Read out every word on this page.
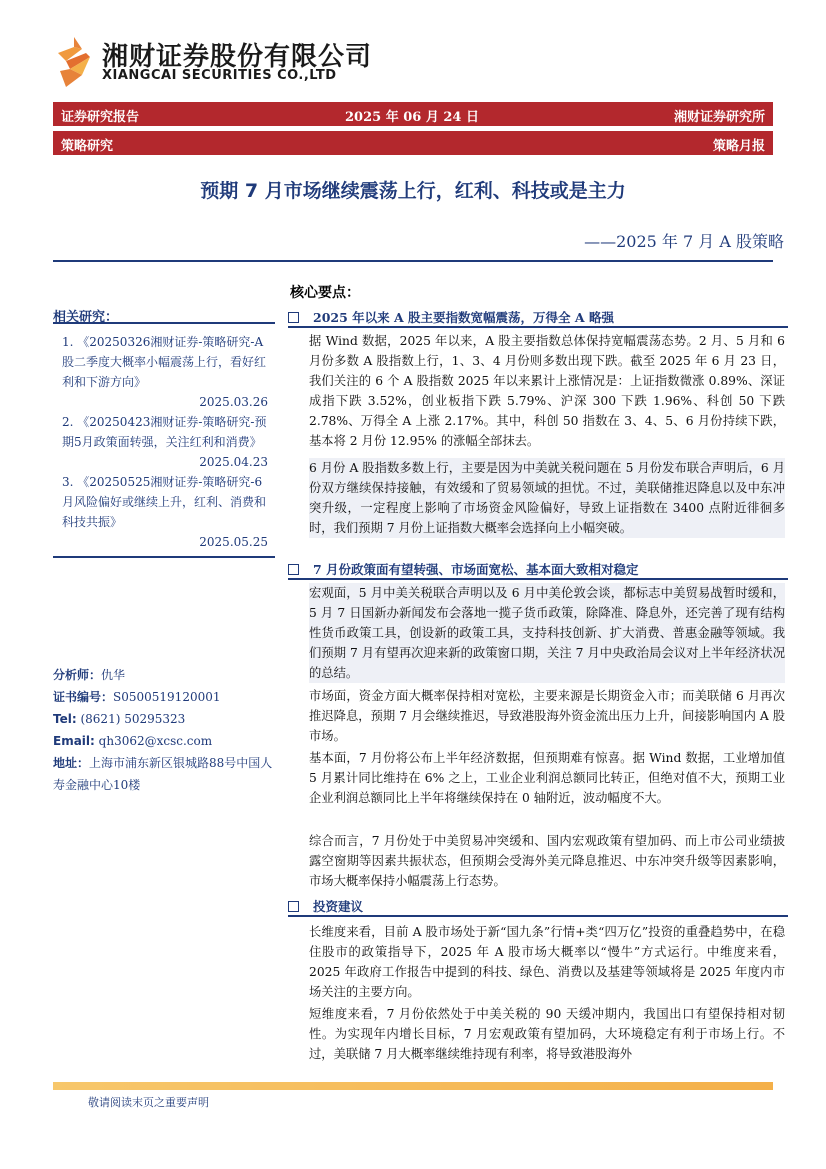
湘财证券股份有限公司
XIANGCAI SECURITIES CO.,LTD
证券研究报告	2025 年 06 月 24 日	湘财证券研究所
策略研究	策略月报
预期 7 月市场继续震荡上行，红利、科技或是主力
——2025 年 7 月 A 股策略
相关研究：
1. 《20250326湘财证券-策略研究-A股二季度大概率小幅震荡上行，看好红利和下游方向》
2025.03.26
2. 《20250423湘财证券-策略研究-预期5月政策面转强，关注红利和消费》
2025.04.23
3. 《20250525湘财证券-策略研究-6月风险偏好或继续上升，红利、消费和科技共振》
2025.05.25
分析师：仇华
证书编号：S0500519120001
Tel: (8621) 50295323
Email: qh3062@xcsc.com
地址：上海市浦东新区银城路88号中国人寿金融中心10楼
核心要点：
2025 年以来 A 股主要指数宽幅震荡，万得全 A 略强
据 Wind 数据，2025 年以来，A 股主要指数总体保持宽幅震荡态势。2 月、5 月和 6 月份多数 A 股指数上行，1、3、4 月份则多数出现下跌。截至 2025 年 6 月 23 日，我们关注的 6 个 A 股指数 2025 年以来累计上涨情况是：上证指数微涨 0.89%、深证成指下跌 3.52%，创业板指下跌 5.79%、沪深 300 下跌 1.96%、科创 50 下跌 2.78%、万得全 A 上涨 2.17%。其中，科创 50 指数在 3、4、5、6 月份持续下跌，基本将 2 月份 12.95% 的涨幅全部抹去。
6 月份 A 股指数多数上行，主要是因为中美就关税问题在 5 月份发布联合声明后，6 月份双方继续保持接触，有效缓和了贸易领域的担忧。不过，美联储推迟降息以及中东冲突升级，一定程度上影响了市场资金风险偏好，导致上证指数在 3400 点附近徘徊多时，我们预期 7 月份上证指数大概率会选择向上小幅突破。
7 月份政策面有望转强、市场面宽松、基本面大致相对稳定
宏观面，5 月中美关税联合声明以及 6 月中美伦敦会谈，都标志中美贸易战暂时缓和，5 月 7 日国新办新闻发布会落地一揽子货币政策，除降准、降息外，还完善了现有结构性货币政策工具，创设新的政策工具，支持科技创新、扩大消费、普惠金融等领域。我们预期 7 月有望再次迎来新的政策窗口期，关注 7 月中央政治局会议对上半年经济状况的总结。
市场面，资金方面大概率保持相对宽松，主要来源是长期资金入市；而美联储 6 月再次推迟降息，预期 7 月会继续推迟，导致港股海外资金流出压力上升，间接影响国内 A 股市场。
基本面，7 月份将公布上半年经济数据，但预期难有惊喜。据 Wind 数据，工业增加值 5 月累计同比维持在 6% 之上，工业企业利润总额同比转正，但绝对值不大，预期工业企业利润总额同比上半年将继续保持在 0 轴附近，波动幅度不大。
综合而言，7 月份处于中美贸易冲突缓和、国内宏观政策有望加码、而上市公司业绩披露空窗期等因素共振状态，但预期会受海外美元降息推迟、中东冲突升级等因素影响，市场大概率保持小幅震荡上行态势。
投资建议
长维度来看，目前 A 股市场处于新“国九条”行情+类“四万亿”投资的重叠趋势中，在稳住股市的政策指导下，2025 年 A 股市场大概率以“慢牛”方式运行。中维度来看，2025 年政府工作报告中提到的科技、绿色、消费以及基建等领域将是 2025 年度内市场关注的主要方向。
短维度来看，7 月份依然处于中美关税的 90 天缓冲期内，我国出口有望保持相对韧性。为实现年内增长目标，7 月宏观政策有望加码，大环境稳定有利于市场上行。不过，美联储 7 月大概率继续维持现有利率，将导致港股海外
敬请阅读末页之重要声明
